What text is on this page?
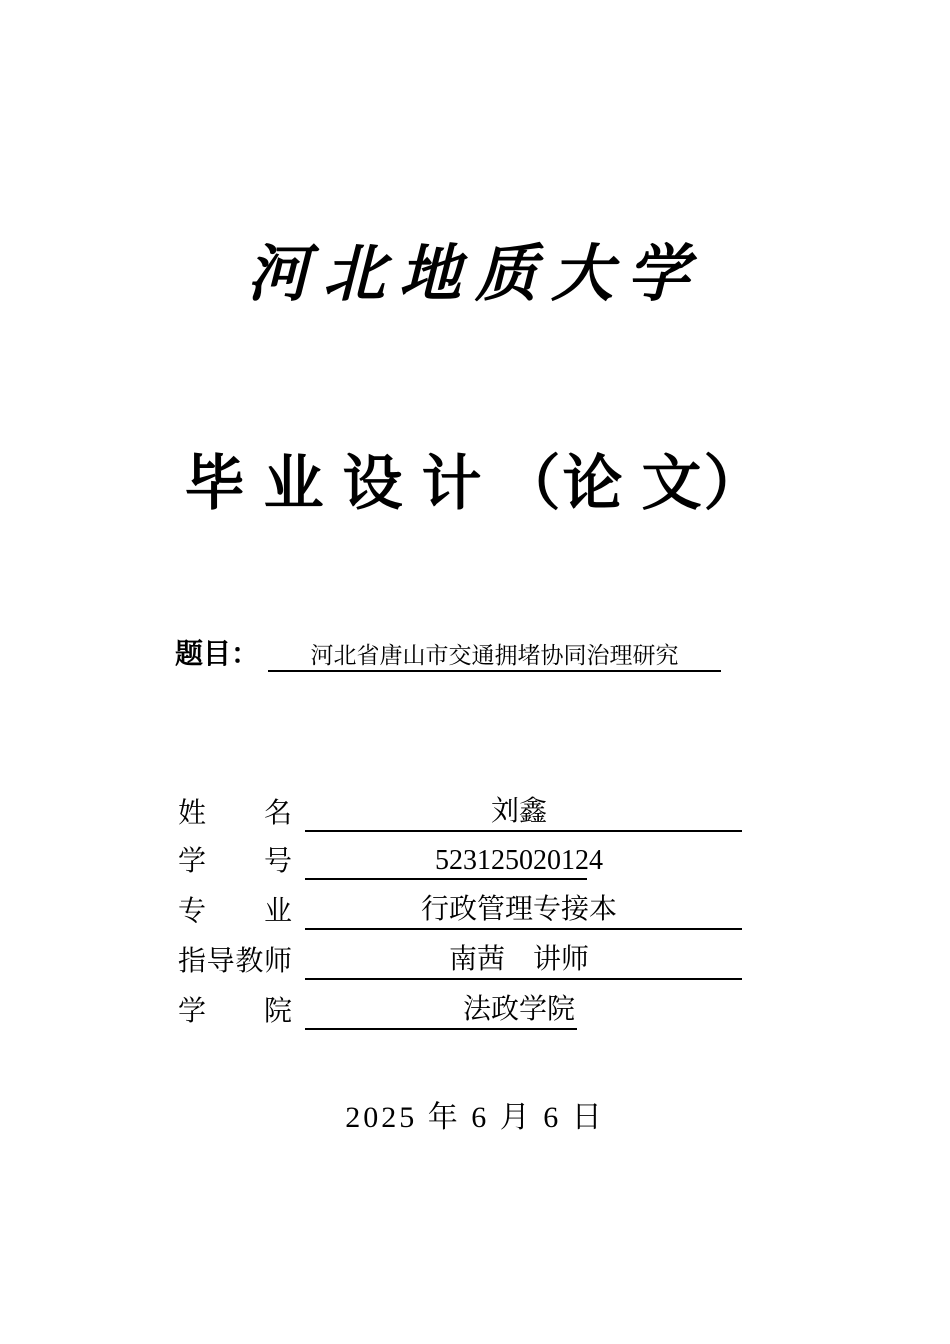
河北地质大学
毕 业 设 计 （论 文）
题目：	河北省唐山市交通拥堵协同治理研究
姓名	刘鑫
学号	523125020124
专业	行政管理专接本
指导教师	南茜　讲师
学院	法政学院
2025 年 6 月 6 日
